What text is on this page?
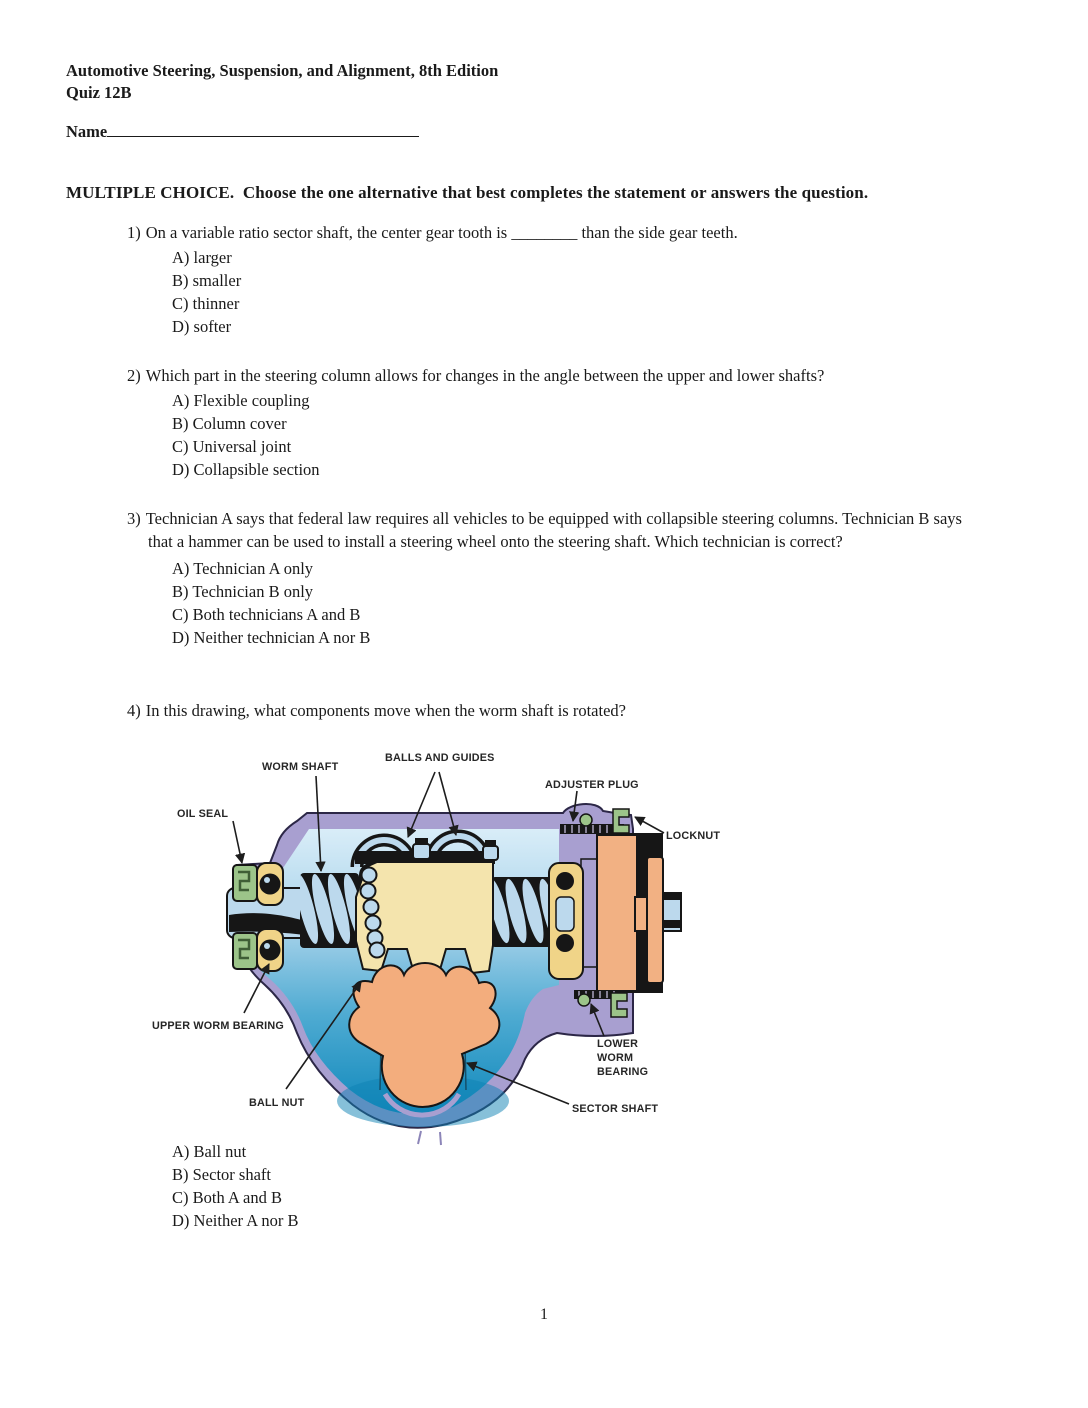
Automotive Steering, Suspension, and Alignment, 8th Edition
Quiz 12B
Name
MULTIPLE CHOICE.  Choose the one alternative that best completes the statement or answers the question.
1) On a variable ratio sector shaft, the center gear tooth is ________ than the side gear teeth.
A) larger
B) smaller
C) thinner
D) softer
2) Which part in the steering column allows for changes in the angle between the upper and lower shafts?
A) Flexible coupling
B) Column cover
C) Universal joint
D) Collapsible section
3) Technician A says that federal law requires all vehicles to be equipped with collapsible steering columns. Technician B says that a hammer can be used to install a steering wheel onto the steering shaft. Which technician is correct?
A) Technician A only
B) Technician B only
C) Both technicians A and B
D) Neither technician A nor B
4) In this drawing, what components move when the worm shaft is rotated?
OIL SEAL
WORM SHAFT
BALLS AND GUIDES
ADJUSTER PLUG
LOCKNUT
UPPER WORM BEARING
BALL NUT
LOWER
WORM
BEARING
SECTOR SHAFT
A) Ball nut
B) Sector shaft
C) Both A and B
D) Neither A nor B
1
